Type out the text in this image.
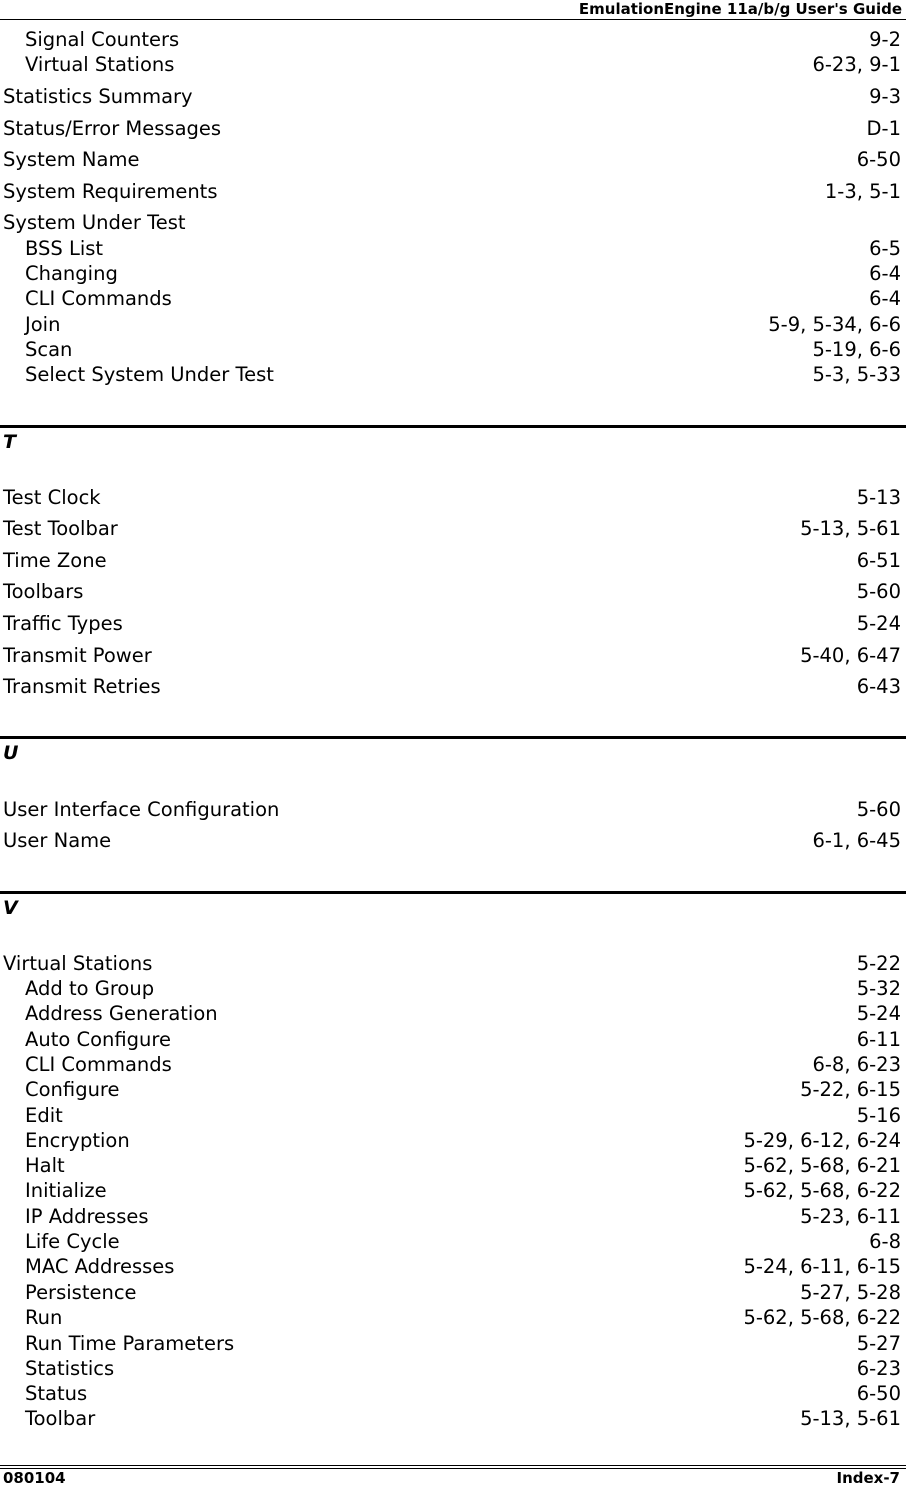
EmulationEngine 11a/b/g User's Guide
Signal Counters	9-2
Virtual Stations	6-23, 9-1
Statistics Summary	9-3
Status/Error Messages	D-1
System Name	6-50
System Requirements	1-3, 5-1
System Under Test
BSS List	6-5
Changing	6-4
CLI Commands	6-4
Join	5-9, 5-34, 6-6
Scan	5-19, 6-6
Select System Under Test	5-3, 5-33
T
Test Clock	5-13
Test Toolbar	5-13, 5-61
Time Zone	6-51
Toolbars	5-60
Traffic Types	5-24
Transmit Power	5-40, 6-47
Transmit Retries	6-43
U
User Interface Configuration	5-60
User Name	6-1, 6-45
V
Virtual Stations	5-22
Add to Group	5-32
Address Generation	5-24
Auto Configure	6-11
CLI Commands	6-8, 6-23
Configure	5-22, 6-15
Edit	5-16
Encryption	5-29, 6-12, 6-24
Halt	5-62, 5-68, 6-21
Initialize	5-62, 5-68, 6-22
IP Addresses	5-23, 6-11
Life Cycle	6-8
MAC Addresses	5-24, 6-11, 6-15
Persistence	5-27, 5-28
Run	5-62, 5-68, 6-22
Run Time Parameters	5-27
Statistics	6-23
Status	6-50
Toolbar	5-13, 5-61
080104	Index-7
